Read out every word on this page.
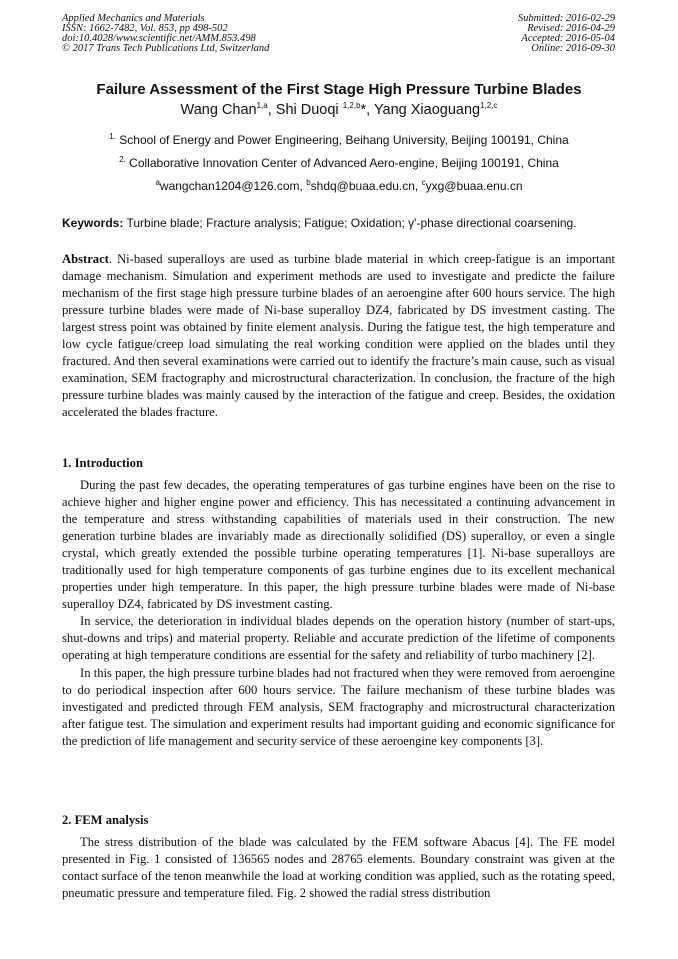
Applied Mechanics and Materials
ISSN: 1662-7482, Vol. 853, pp 498-502
doi:10.4028/www.scientific.net/AMM.853.498
© 2017 Trans Tech Publications Ltd, Switzerland
Submitted: 2016-02-29
Revised: 2016-04-29
Accepted: 2016-05-04
Online: 2016-09-30
Failure Assessment of the First Stage High Pressure Turbine Blades
Wang Chan$^{1,a}$, Shi Duoqi $^{1,2,b}$*, Yang Xiaoguang$^{1,2,c}$
$^{1.}$ School of Energy and Power Engineering, Beihang University, Beijing 100191, China
$^{2.}$ Collaborative Innovation Center of Advanced Aero-engine, Beijing 100191, China
$^a$wangchan1204@126.com, $^b$shdq@buaa.edu.cn, $^c$yxg@buaa.enu.cn
Keywords: Turbine blade; Fracture analysis; Fatigue; Oxidation; γ'-phase directional coarsening.

Abstract. Ni-based superalloys are used as turbine blade material in which creep-fatigue is an important damage mechanism. Simulation and experiment methods are used to investigate and predicte the failure mechanism of the first stage high pressure turbine blades of an aeroengine after 600 hours service. The high pressure turbine blades were made of Ni-base superalloy DZ4, fabricated by DS investment casting. The largest stress point was obtained by finite element analysis. During the fatigue test, the high temperature and low cycle fatigue/creep load simulating the real working condition were applied on the blades until they fractured. And then several examinations were carried out to identify the fracture’s main cause, such as visual examination, SEM fractography and microstructural characterization. In conclusion, the fracture of the high pressure turbine blades was mainly caused by the interaction of the fatigue and creep. Besides, the oxidation accelerated the blades fracture.

1. Introduction

During the past few decades, the operating temperatures of gas turbine engines have been on the rise to achieve higher and higher engine power and efficiency. This has necessitated a continuing advancement in the temperature and stress withstanding capabilities of materials used in their construction. The new generation turbine blades are invariably made as directionally solidified (DS) superalloy, or even a single crystal, which greatly extended the possible turbine operating temperatures [1]. Ni-base superalloys are traditionally used for high temperature components of gas turbine engines due to its excellent mechanical properties under high temperature. In this paper, the high pressure turbine blades were made of Ni-base superalloy DZ4, fabricated by DS investment casting.

In service, the deterioration in individual blades depends on the operation history (number of start-ups, shut-downs and trips) and material property. Reliable and accurate prediction of the lifetime of components operating at high temperature conditions are essential for the safety and reliability of turbo machinery [2].

In this paper, the high pressure turbine blades had not fractured when they were removed from aeroengine to do periodical inspection after 600 hours service. The failure mechanism of these turbine blades was investigated and predicted through FEM analysis, SEM fractography and microstructural characterization after fatigue test. The simulation and experiment results had important guiding and economic significance for the prediction of life management and security service of these aeroengine key components [3].

2. FEM analysis

The stress distribution of the blade was calculated by the FEM software Abacus [4]. The FE model presented in Fig. 1 consisted of 136565 nodes and 28765 elements. Boundary constraint was given at the contact surface of the tenon meanwhile the load at working condition was applied, such as the rotating speed, pneumatic pressure and temperature filed. Fig. 2 showed the radial stress distribution
